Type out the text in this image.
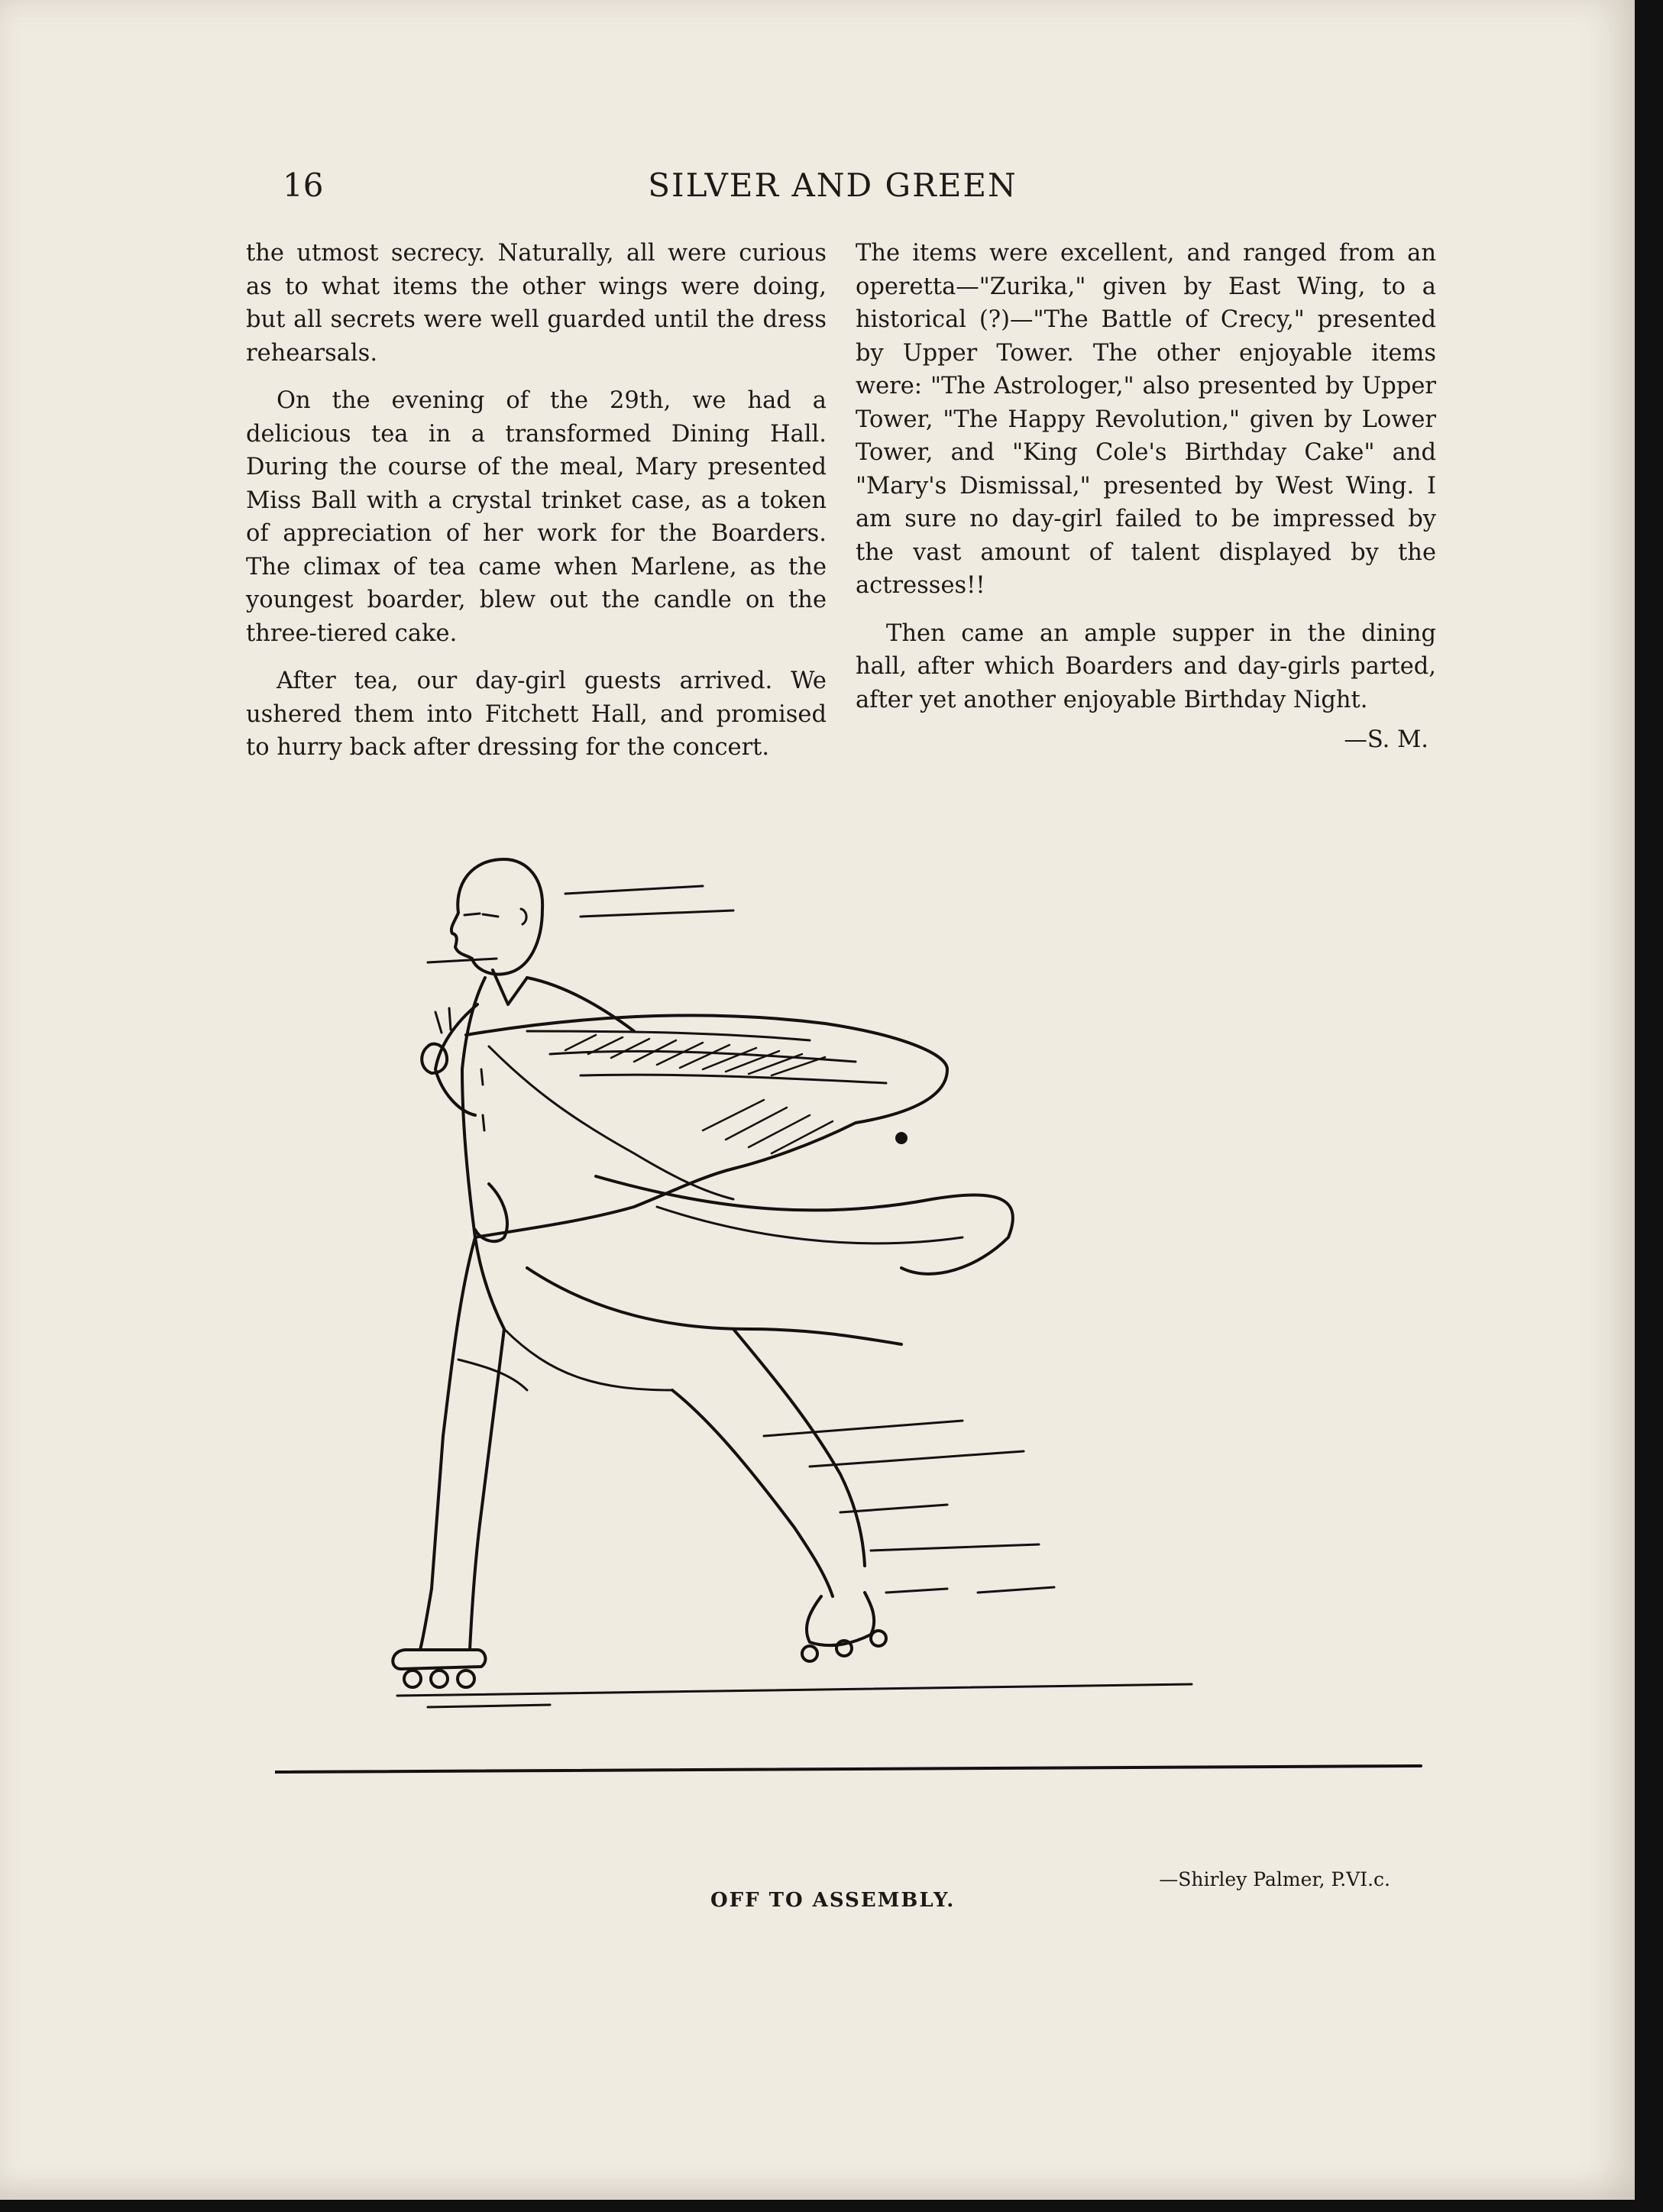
16	SILVER AND GREEN

the utmost secrecy. Naturally, all were curious as to what items the other wings were doing, but all secrets were well guarded until the dress rehearsals.

On the evening of the 29th, we had a delicious tea in a transformed Dining Hall. During the course of the meal, Mary presented Miss Ball with a crystal trinket case, as a token of appreciation of her work for the Boarders. The climax of tea came when Marlene, as the youngest boarder, blew out the candle on the three-tiered cake.

After tea, our day-girl guests arrived. We ushered them into Fitchett Hall, and promised to hurry back after dressing for the concert.

The items were excellent, and ranged from an operetta—"Zurika," given by East Wing, to a historical (?)—"The Battle of Crecy," presented by Upper Tower. The other enjoyable items were: "The Astrologer," also presented by Upper Tower, "The Happy Revolution," given by Lower Tower, and "King Cole's Birthday Cake" and "Mary's Dismissal," presented by West Wing. I am sure no day-girl failed to be impressed by the vast amount of talent displayed by the actresses!!

Then came an ample supper in the dining hall, after which Boarders and day-girls parted, after yet another enjoyable Birthday Night.

—S. M.
—Shirley Palmer, P.VI.c.
OFF TO ASSEMBLY.
